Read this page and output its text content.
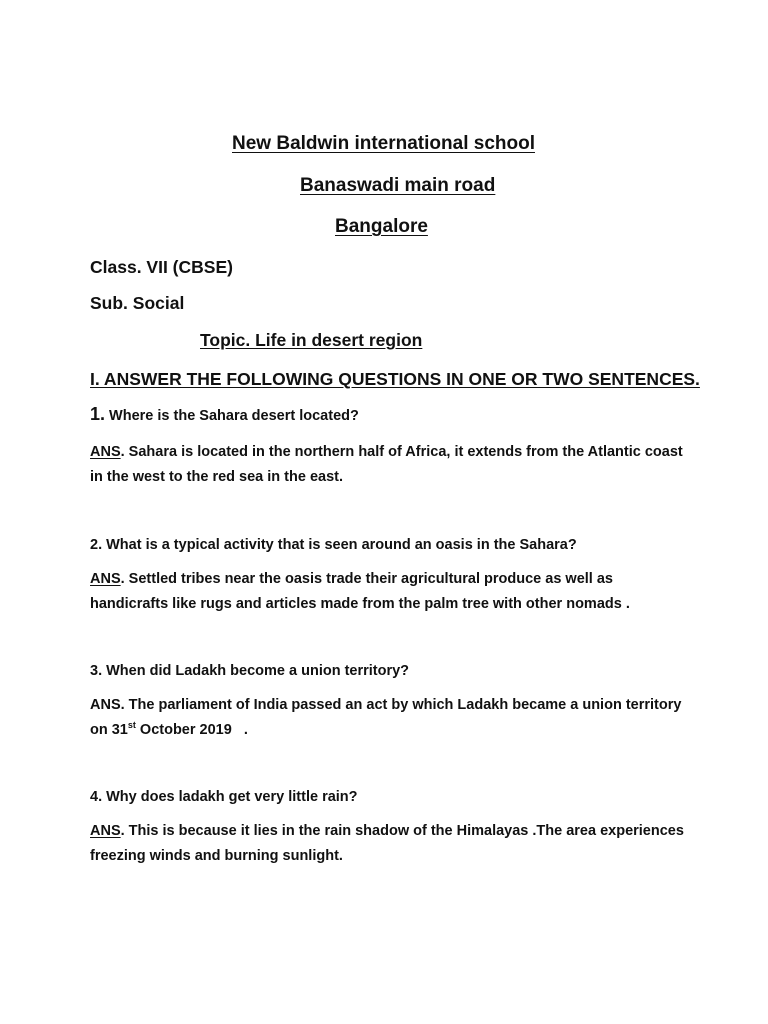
New Baldwin international school
Banaswadi main road
Bangalore
Class. VII (CBSE)
Sub. Social
Topic. Life in desert region
I. ANSWER THE FOLLOWING QUESTIONS IN ONE OR TWO SENTENCES.
1. Where is the Sahara desert located?
ANS. Sahara is located in the northern half of Africa, it extends from the Atlantic coast in the west to the red sea in the east.
2. What is a typical activity that is seen around an oasis in the Sahara?
ANS. Settled tribes near the oasis trade their agricultural produce as well as handicrafts like rugs and articles made from the palm tree with other nomads .
3. When did Ladakh become a union territory?
ANS. The parliament of India passed an act by which Ladakh became a union territory on 31st October 2019   .
4. Why does ladakh get very little rain?
ANS. This is because it lies in the rain shadow of the Himalayas .The area experiences freezing winds and burning sunlight.
